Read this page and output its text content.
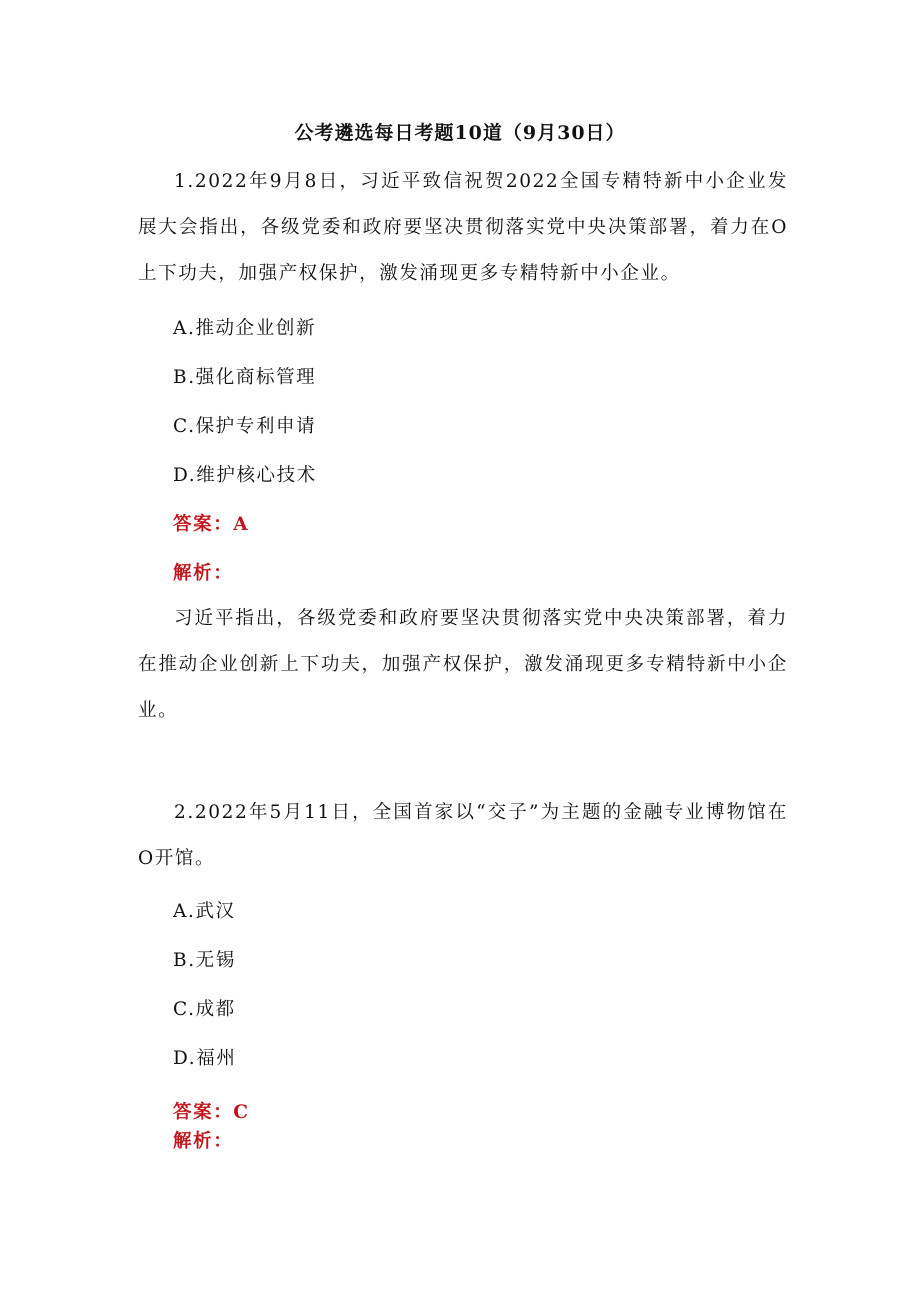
公考遴选每日考题10道（9月30日）
1.2022年9月8日，习近平致信祝贺2022全国专精特新中小企业发展大会指出，各级党委和政府要坚决贯彻落实党中央决策部署，着力在O上下功夫，加强产权保护，激发涌现更多专精特新中小企业。
A.推动企业创新
B.强化商标管理
C.保护专利申请
D.维护核心技术
答案：A
解析：
习近平指出，各级党委和政府要坚决贯彻落实党中央决策部署，着力在推动企业创新上下功夫，加强产权保护，激发涌现更多专精特新中小企业。
2.2022年5月11日，全国首家以“交子”为主题的金融专业博物馆在O开馆。
A.武汉
B.无锡
C.成都
D.福州
答案：C
解析：
